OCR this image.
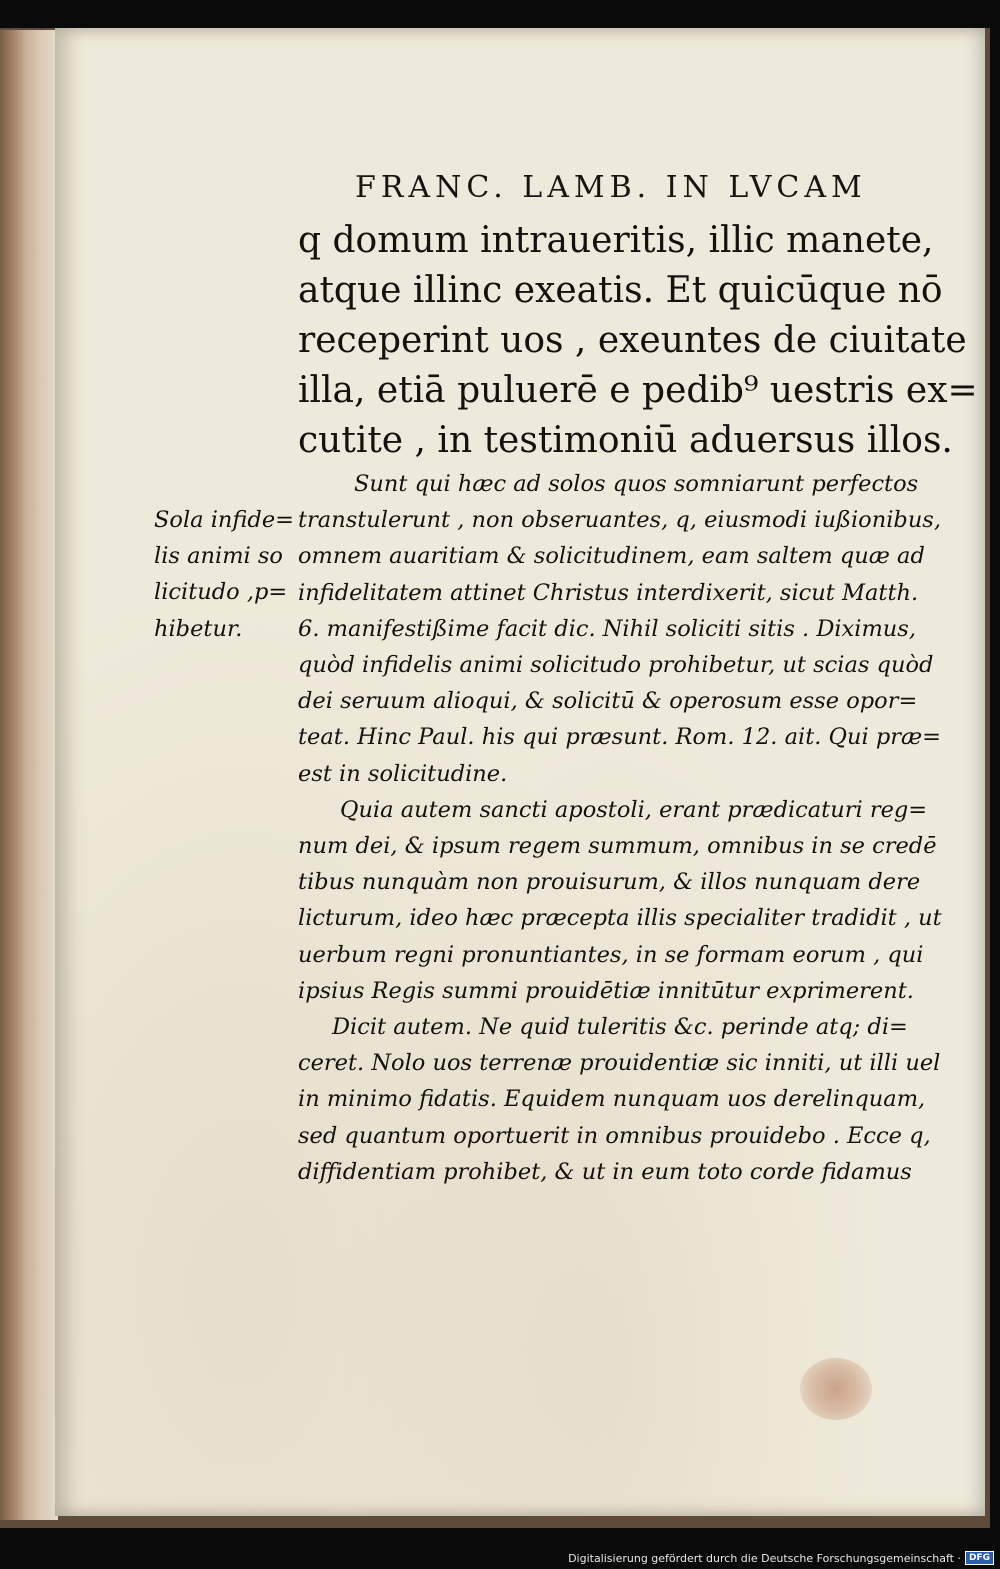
FRANC. LAMB. IN LVCAM
q domum intraueritis, illic manete,
atque illinc exeatis. Et quicūque nō
receperint uos , exeuntes de ciuitate
illa, etiā puluerē e pedib⁹ uestris ex=
cutite , in testimoniū aduersus illos.
Sola infide=
lis animi so
licitudo ,p=
hibetur.
Sunt qui hæc ad solos quos somniarunt perfectos
transtulerunt , non obseruantes, q, eiusmodi iußionibus,
omnem auaritiam & solicitudinem, eam saltem quæ ad
infidelitatem attinet Christus interdixerit, sicut Matth.
6. manifestißime facit dic. Nihil soliciti sitis . Diximus,
quòd infidelis animi solicitudo prohibetur, ut scias quòd
dei seruum alioqui, & solicitū & operosum esse opor=
teat. Hinc Paul. his qui præsunt. Rom. 12. ait. Qui præ=
est in solicitudine.
Quia autem sancti apostoli, erant prædicaturi reg=
num dei, & ipsum regem summum, omnibus in se credē
tibus nunquàm non prouisurum, & illos nunquam dere
licturum, ideo hæc præcepta illis specialiter tradidit , ut
uerbum regni pronuntiantes, in se formam eorum , qui
ipsius Regis summi prouidētiæ innitūtur exprimerent.
Dicit autem. Ne quid tuleritis &c. perinde atq; di=
ceret. Nolo uos terrenæ prouidentiæ sic inniti, ut illi uel
in minimo fidatis. Equidem nunquam uos derelinquam,
sed quantum oportuerit in omnibus prouidebo . Ecce q,
diffidentiam prohibet, & ut in eum toto corde fidamus
Digitalisierung gefördert durch die Deutsche Forschungsgemeinschaft · DFG
